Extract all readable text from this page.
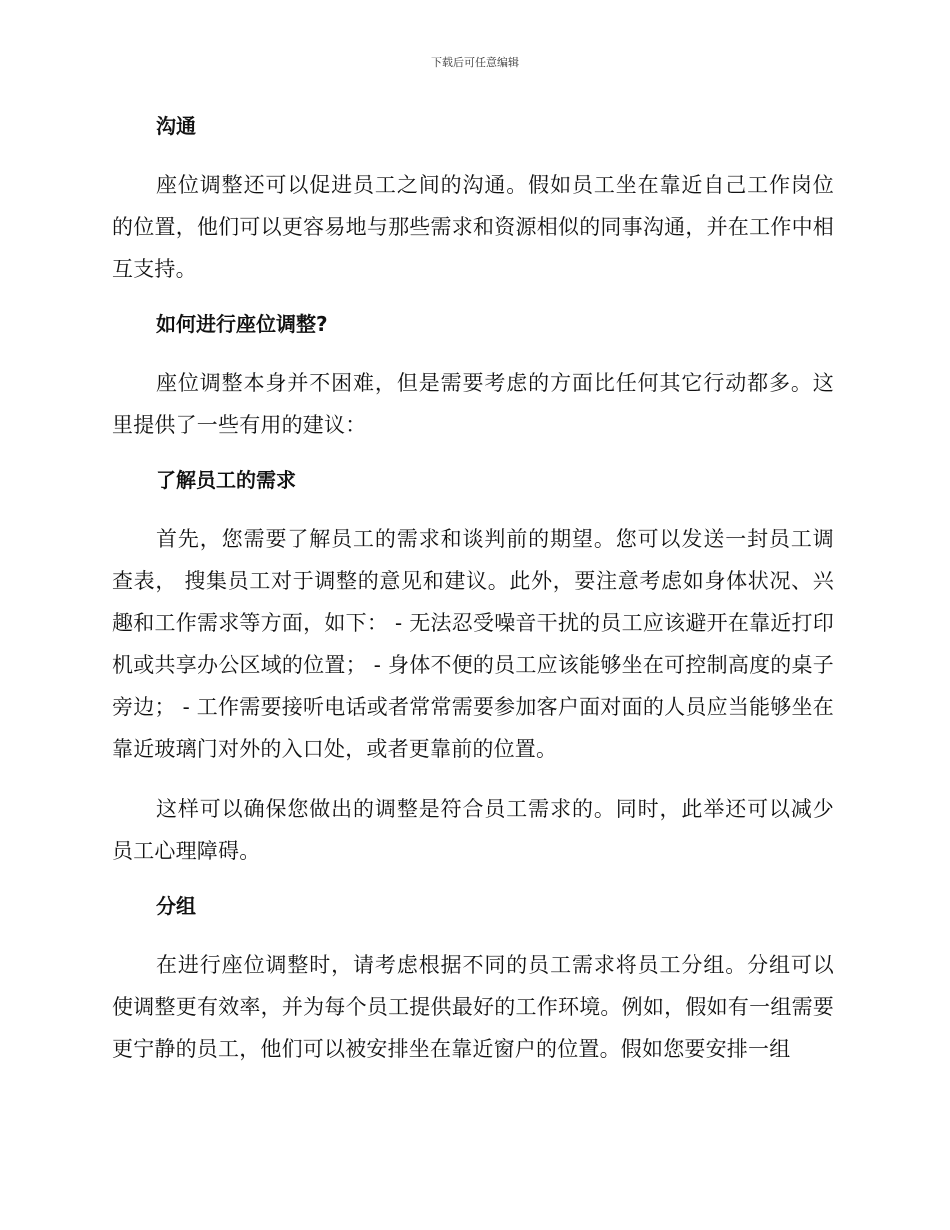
下载后可任意编辑
沟通

座位调整还可以促进员工之间的沟通。假如员工坐在靠近自己工作岗位的位置，他们可以更容易地与那些需求和资源相似的同事沟通，并在工作中相互支持。

如何进行座位调整?

座位调整本身并不困难，但是需要考虑的方面比任何其它行动都多。这里提供了一些有用的建议：

了解员工的需求

首先，您需要了解员工的需求和谈判前的期望。您可以发送一封员工调查表， 搜集员工对于调整的意见和建议。此外，要注意考虑如身体状况、兴趣和工作需求等方面，如下： - 无法忍受噪音干扰的员工应该避开在靠近打印机或共享办公区域的位置； - 身体不便的员工应该能够坐在可控制高度的桌子旁边； - 工作需要接听电话或者常常需要参加客户面对面的人员应当能够坐在靠近玻璃门对外的入口处，或者更靠前的位置。

这样可以确保您做出的调整是符合员工需求的。同时，此举还可以减少员工心理障碍。

分组

在进行座位调整时，请考虑根据不同的员工需求将员工分组。分组可以使调整更有效率，并为每个员工提供最好的工作环境。例如，假如有一组需要更宁静的员工，他们可以被安排坐在靠近窗户的位置。假如您要安排一组
